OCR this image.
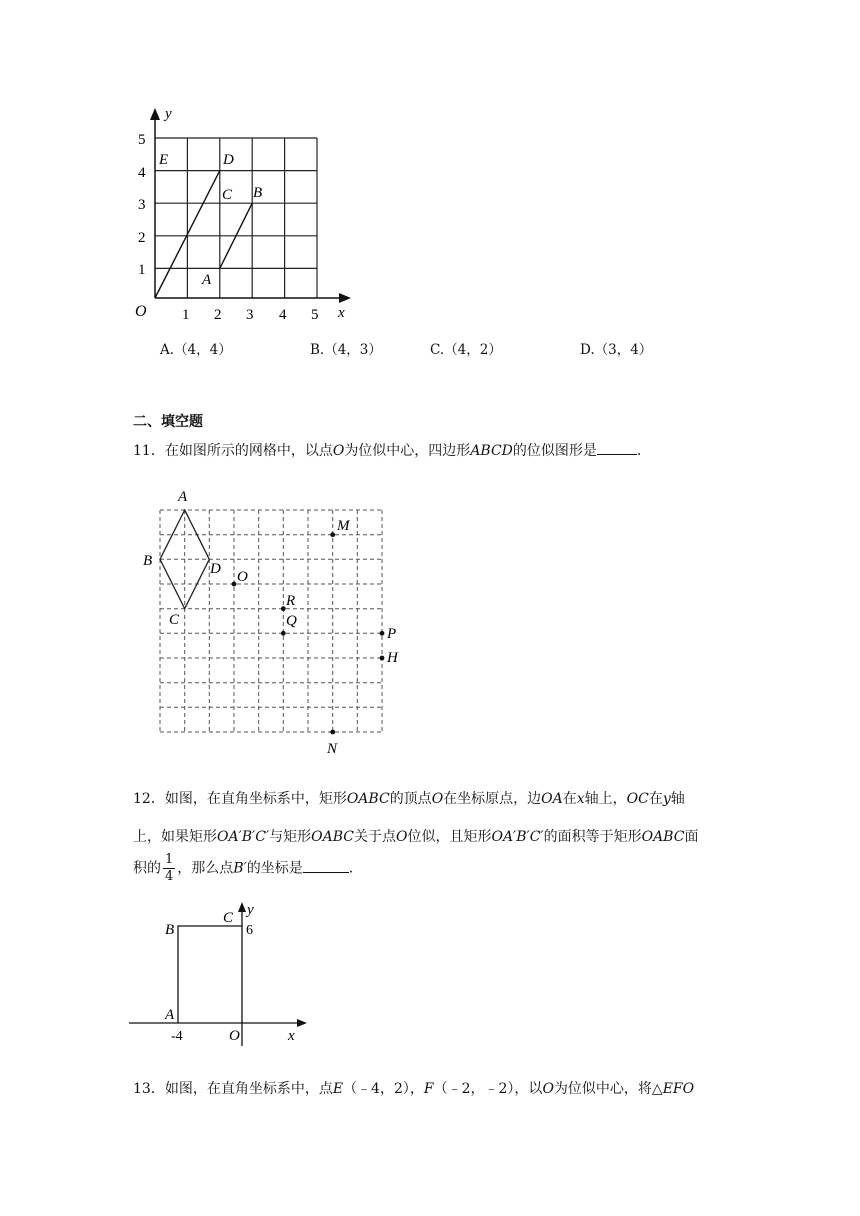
y
x
O 1 2 3 4 5
1
2
3
4
5
E	D
C B
A
A.（4，4）	B.（4，3）	C.（4，2）	D.（3，4）
二、填空题
11．在如图所示的网格中，以点O为位似中心，四边形ABCD的位似图形是	.
A
B
C
D O
M
R
Q
P
H
N
12．如图，在直角坐标系中，矩形OABC的顶点O在坐标原点，边OA在x轴上，OC在y轴
上，如果矩形OA′B′C′与矩形OABC关于点O位似，且矩形OA′B′C′的面积等于矩形OABC面
积的 $\frac{1}{4}$ ，那么点B′的坐标是	.
B
C y
6
A
-4	O	x
13．如图，在直角坐标系中，点E（﹣4，2），F（﹣2，﹣2），以O为位似中心，将△EFO
